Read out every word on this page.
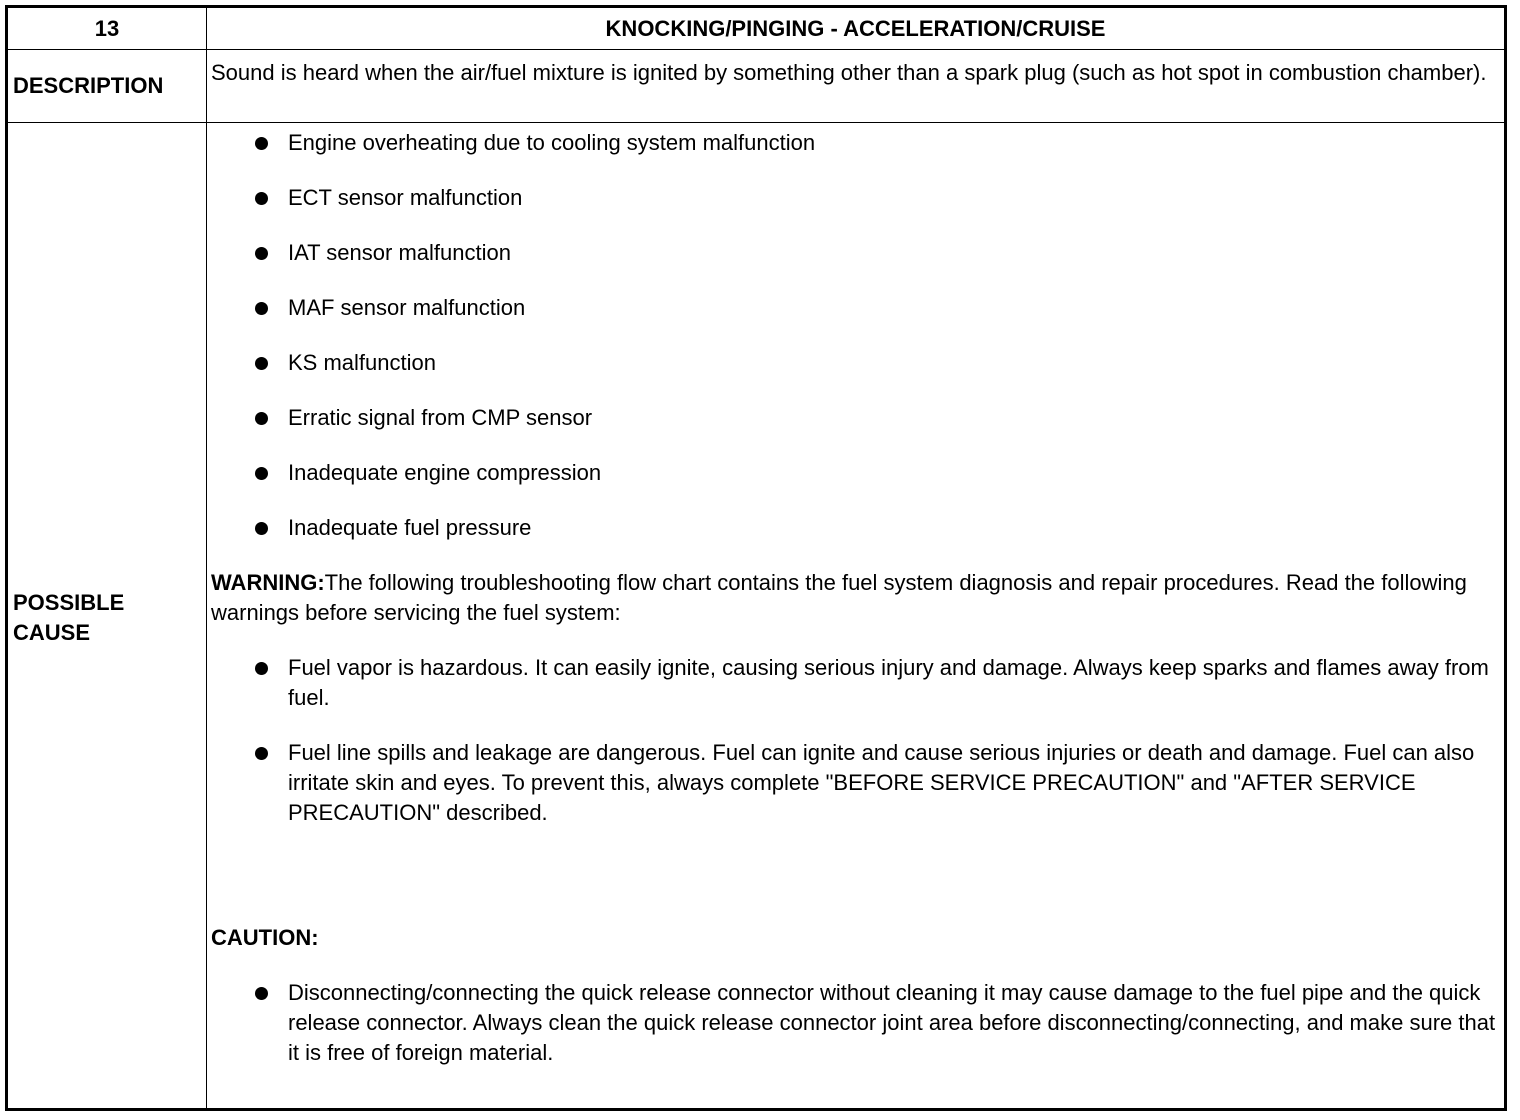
13	KNOCKING/PINGING - ACCELERATION/CRUISE
DESCRIPTION
Sound is heard when the air/fuel mixture is ignited by something other than a spark plug (such as hot spot in combustion chamber).
POSSIBLE
CAUSE
Engine overheating due to cooling system malfunction
ECT sensor malfunction
IAT sensor malfunction
MAF sensor malfunction
KS malfunction
Erratic signal from CMP sensor
Inadequate engine compression
Inadequate fuel pressure
WARNING:The following troubleshooting flow chart contains the fuel system diagnosis and repair procedures. Read the following warnings before servicing the fuel system:
Fuel vapor is hazardous. It can easily ignite, causing serious injury and damage. Always keep sparks and flames away from fuel.
Fuel line spills and leakage are dangerous. Fuel can ignite and cause serious injuries or death and damage. Fuel can also irritate skin and eyes. To prevent this, always complete "BEFORE SERVICE PRECAUTION" and "AFTER SERVICE PRECAUTION" described.
CAUTION:
Disconnecting/connecting the quick release connector without cleaning it may cause damage to the fuel pipe and the quick release connector. Always clean the quick release connector joint area before disconnecting/connecting, and make sure that it is free of foreign material.
